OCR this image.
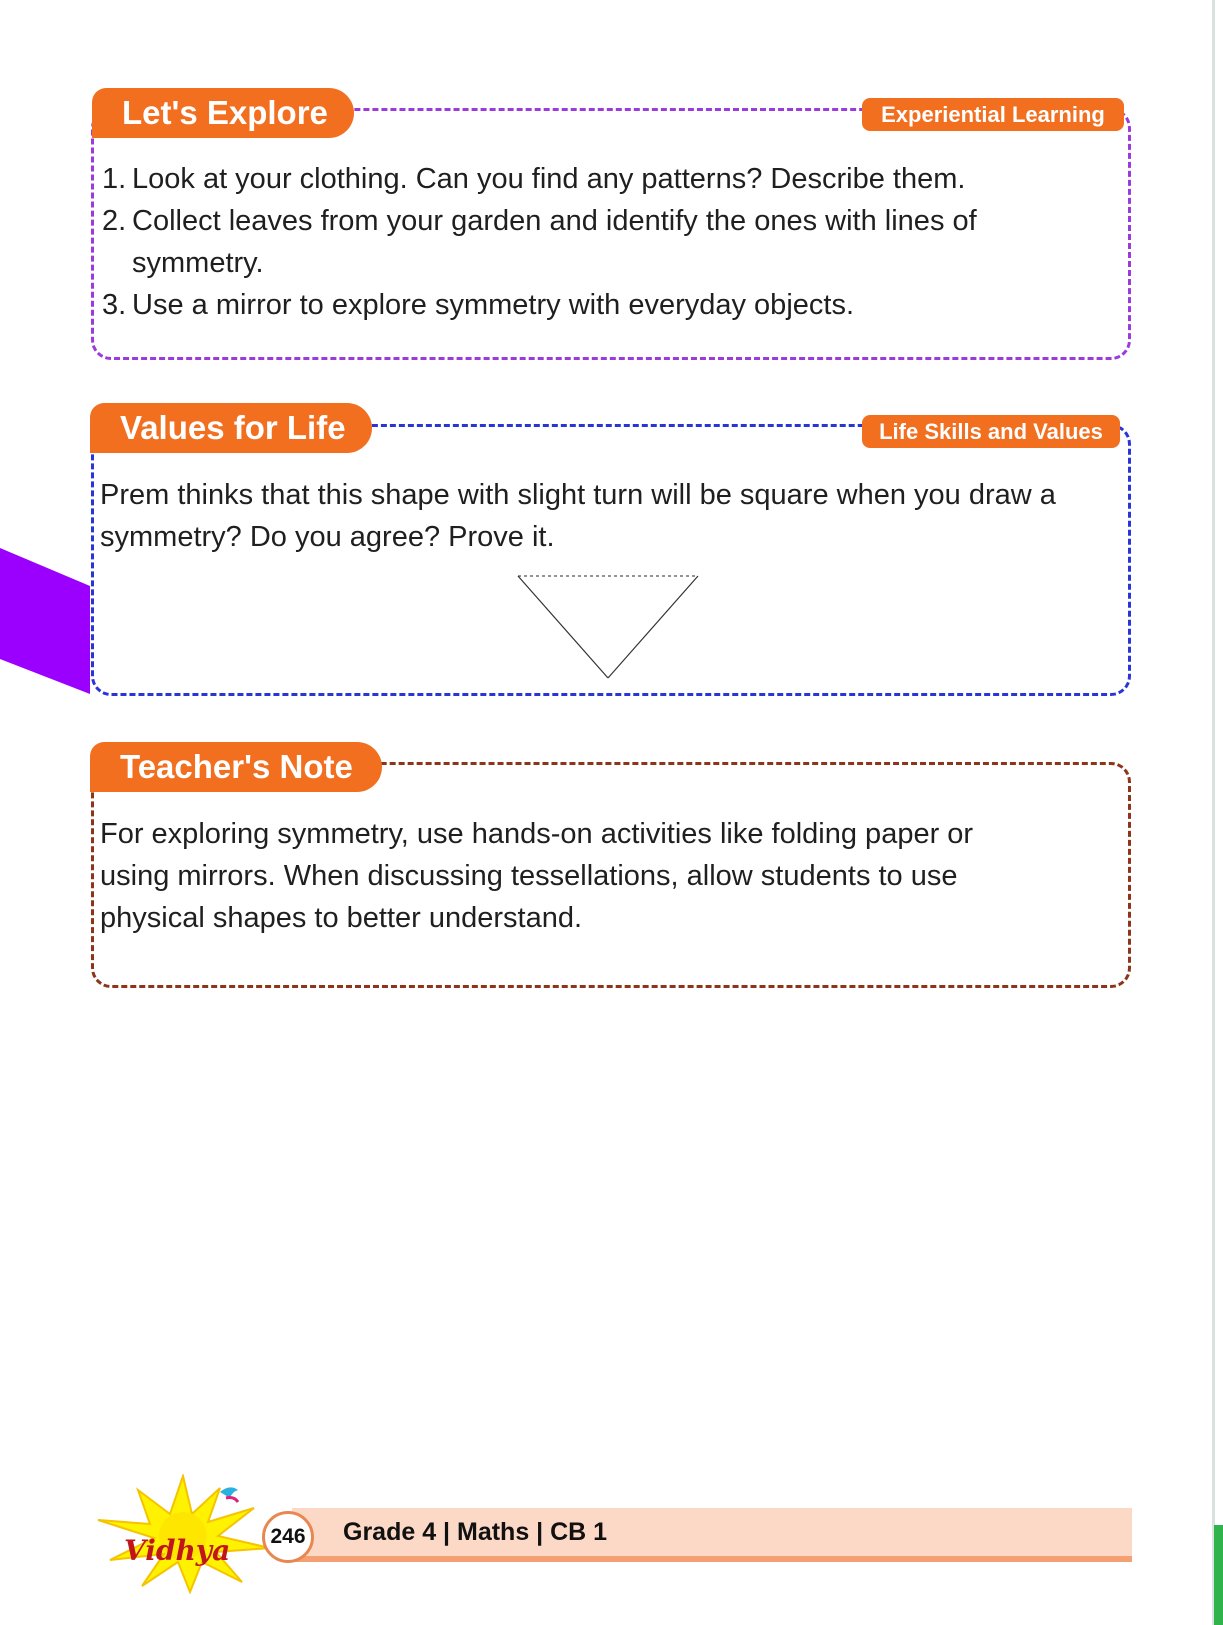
Let's Explore	Experiential Learning
1. Look at your clothing. Can you find any patterns? Describe them.
2. Collect leaves from your garden and identify the ones with lines of
symmetry.
3. Use a mirror to explore symmetry with everyday objects.
Values for Life	Life Skills and Values
Prem thinks that this shape with slight turn will be square when you draw a
symmetry? Do you agree? Prove it.
Teacher's Note
For exploring symmetry, use hands-on activities like folding paper or
using mirrors. When discussing tessellations, allow students to use
physical shapes to better understand.
Vidhya	246	Grade 4 | Maths | CB 1
